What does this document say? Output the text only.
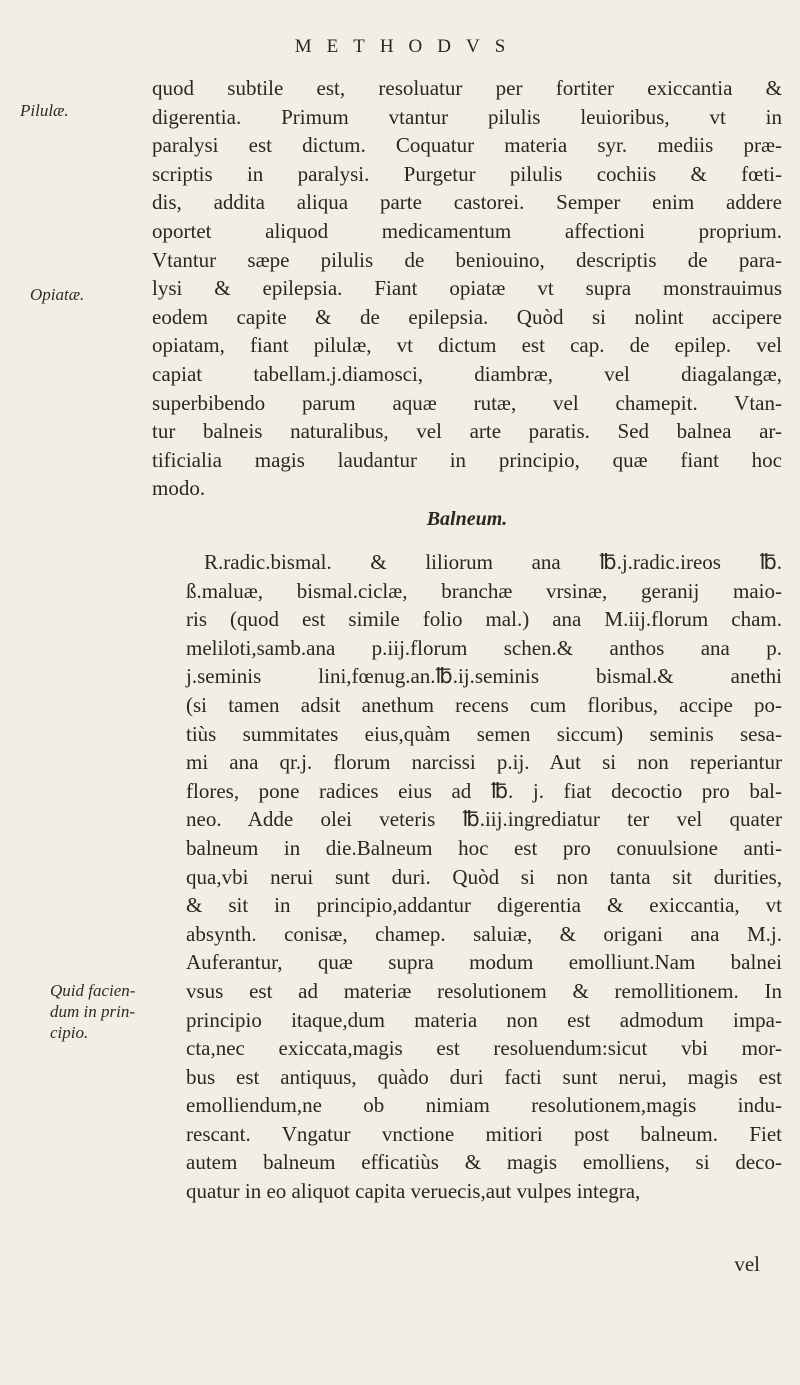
METHODVS
Pilulæ.
Opiatæ.
Quid facien-
dum in prin-
cipio.
quod subtile est, resoluatur per fortiter exiccantia &
digerentia. Primum vtantur pilulis leuioribus, vt in
paralysi est dictum. Coquatur materia syr. mediis præ-
scriptis in paralysi. Purgetur pilulis cochiis & fœti-
dis, addita aliqua parte castorei. Semper enim addere
oportet aliquod medicamentum affectioni proprium.
Vtantur sæpe pilulis de beniouino, descriptis de para-
lysi & epilepsia. Fiant opiatæ vt supra monstrauimus
eodem capite & de epilepsia. Quòd si nolint accipere
opiatam, fiant pilulæ, vt dictum est cap. de epilep. vel
capiat tabellam.j.diamosci, diambræ, vel diagalangæ,
superbibendo parum aquæ rutæ, vel chamepit. Vtan-
tur balneis naturalibus, vel arte paratis. Sed balnea ar-
tificialia magis laudantur in principio, quæ fiant hoc
modo.
Balneum.
R.radic.bismal. & liliorum ana ℔.j.radic.ireos ℔.
ß.maluæ, bismal.ciclæ, branchæ vrsinæ, geranij maio-
ris (quod est simile folio mal.) ana M.iij.florum cham.
meliloti,samb.ana p.iij.florum schen.& anthos ana p.
j.seminis lini,fœnug.an.℔.ij.seminis bismal.& anethi
(si tamen adsit anethum recens cum floribus, accipe po-
tiùs summitates eius,quàm semen siccum) seminis sesa-
mi ana qr.j. florum narcissi p.ij. Aut si non reperiantur
flores, pone radices eius ad ℔. j. fiat decoctio pro bal-
neo. Adde olei veteris ℔.iij.ingrediatur ter vel quater
balneum in die.Balneum hoc est pro conuulsione anti-
qua,vbi nerui sunt duri. Quòd si non tanta sit durities,
& sit in principio,addantur digerentia & exiccantia, vt
absynth. conisæ, chamep. saluiæ, & origani ana M.j.
Auferantur, quæ supra modum emolliunt.Nam balnei
vsus est ad materiæ resolutionem & remollitionem. In
principio itaque,dum materia non est admodum impa-
cta,nec exiccata,magis est resoluendum:sicut vbi mor-
bus est antiquus, quàdo duri facti sunt nerui, magis est
emolliendum,ne ob nimiam resolutionem,magis indu-
rescant. Vngatur vnctione mitiori post balneum. Fiet
autem balneum efficatiùs & magis emolliens, si deco-
quatur in eo aliquot capita veruecis,aut vulpes integra,
vel
